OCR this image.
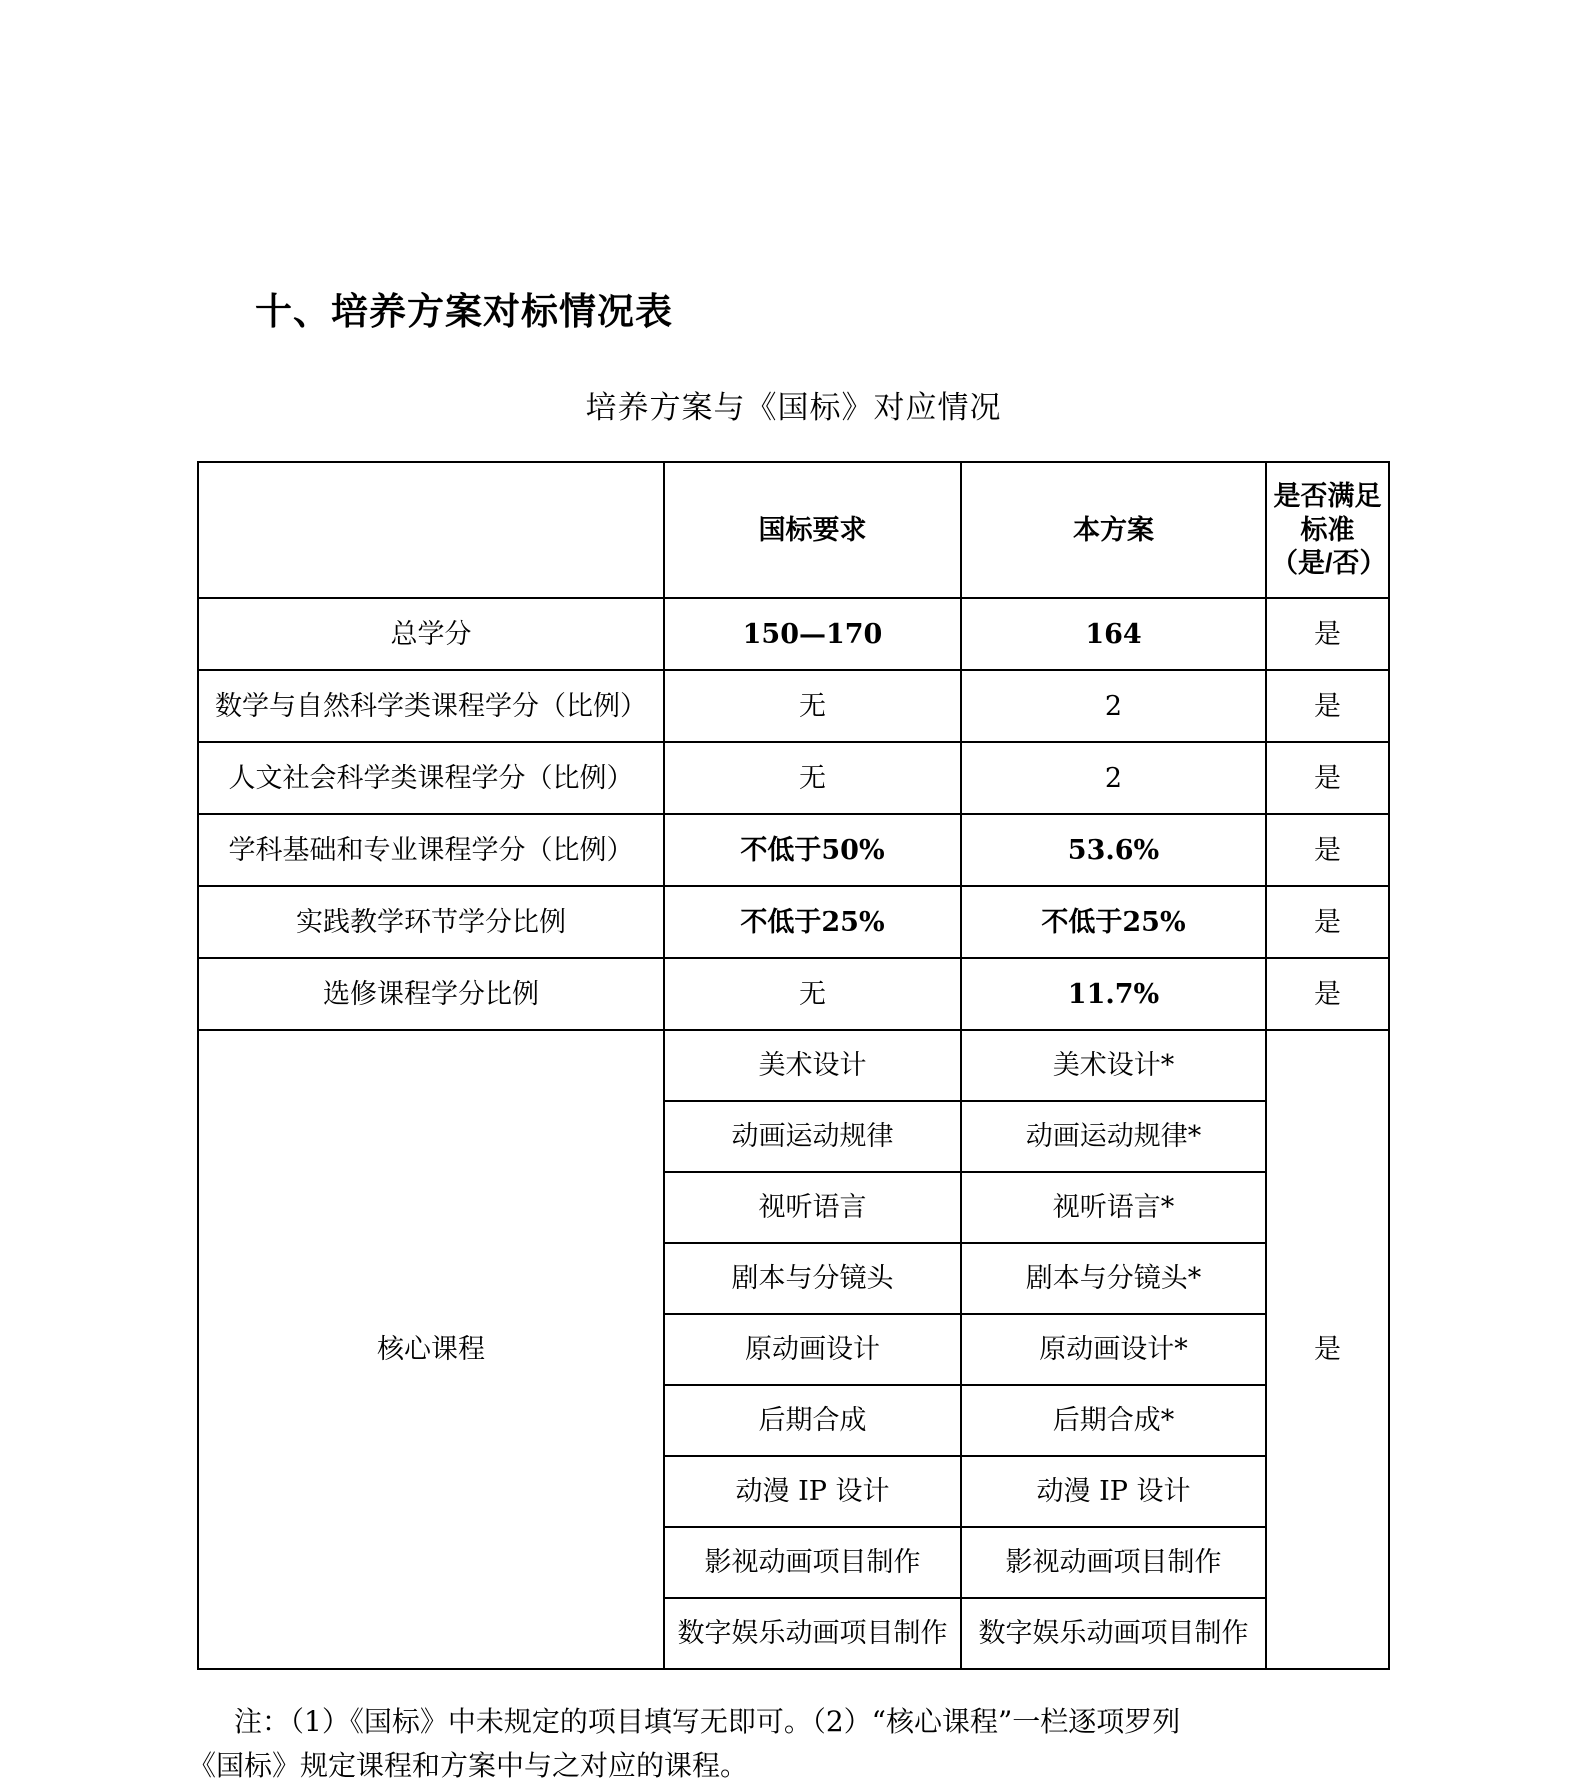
十、培养方案对标情况表
培养方案与《国标》对应情况
	国标要求	本方案	是否满足
标准
（是/否）

总学分	150—170	164	是
数学与自然科学类课程学分（比例）	无	2	是
人文社会科学类课程学分（比例）	无	2	是
学科基础和专业课程学分（比例）	不低于50%	53.6%	是
实践教学环节学分比例	不低于25%	不低于25%	是
选修课程学分比例	无	11.7%	是
核心课程	美术设计	美术设计*	是
	动画运动规律	动画运动规律*	
	视听语言	视听语言*	
	剧本与分镜头	剧本与分镜头*	
	原动画设计	原动画设计*	
	后期合成	后期合成*	
	动漫 IP 设计	动漫 IP 设计	
	影视动画项目制作	影视动画项目制作	
	数字娱乐动画项目制作	数字娱乐动画项目制作	
注：（1）《国标》中未规定的项目填写无即可。（2）“核心课程”一栏逐项罗列
《国标》规定课程和方案中与之对应的课程。
